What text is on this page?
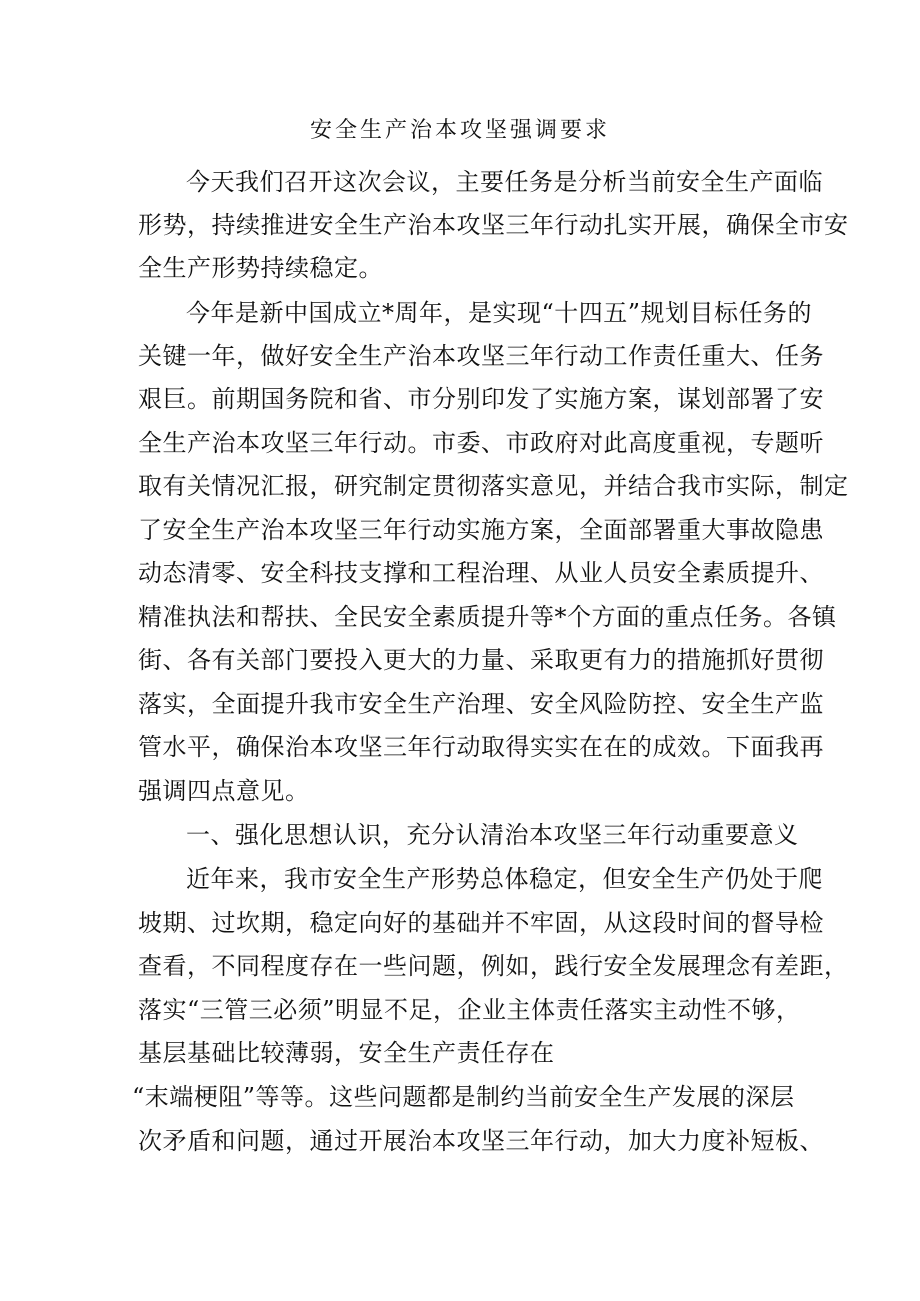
安全生产治本攻坚强调要求
今天我们召开这次会议，主要任务是分析当前安全生产面临
形势，持续推进安全生产治本攻坚三年行动扎实开展，确保全市安
全生产形势持续稳定。
今年是新中国成立*周年，是实现“十四五”规划目标任务的
关键一年，做好安全生产治本攻坚三年行动工作责任重大、任务
艰巨。前期国务院和省、市分别印发了实施方案，谋划部署了安
全生产治本攻坚三年行动。市委、市政府对此高度重视，专题听
取有关情况汇报，研究制定贯彻落实意见，并结合我市实际，制定
了安全生产治本攻坚三年行动实施方案，全面部署重大事故隐患
动态清零、安全科技支撑和工程治理、从业人员安全素质提升、
精准执法和帮扶、全民安全素质提升等*个方面的重点任务。各镇
街、各有关部门要投入更大的力量、采取更有力的措施抓好贯彻
落实，全面提升我市安全生产治理、安全风险防控、安全生产监
管水平，确保治本攻坚三年行动取得实实在在的成效。下面我再
强调四点意见。
一、强化思想认识，充分认清治本攻坚三年行动重要意义
近年来，我市安全生产形势总体稳定，但安全生产仍处于爬
坡期、过坎期，稳定向好的基础并不牢固，从这段时间的督导检
查看，不同程度存在一些问题，例如，践行安全发展理念有差距，
落实“三管三必须”明显不足，企业主体责任落实主动性不够，
基层基础比较薄弱，安全生产责任存在
“末端梗阻”等等。这些问题都是制约当前安全生产发展的深层
次矛盾和问题，通过开展治本攻坚三年行动，加大力度补短板、
